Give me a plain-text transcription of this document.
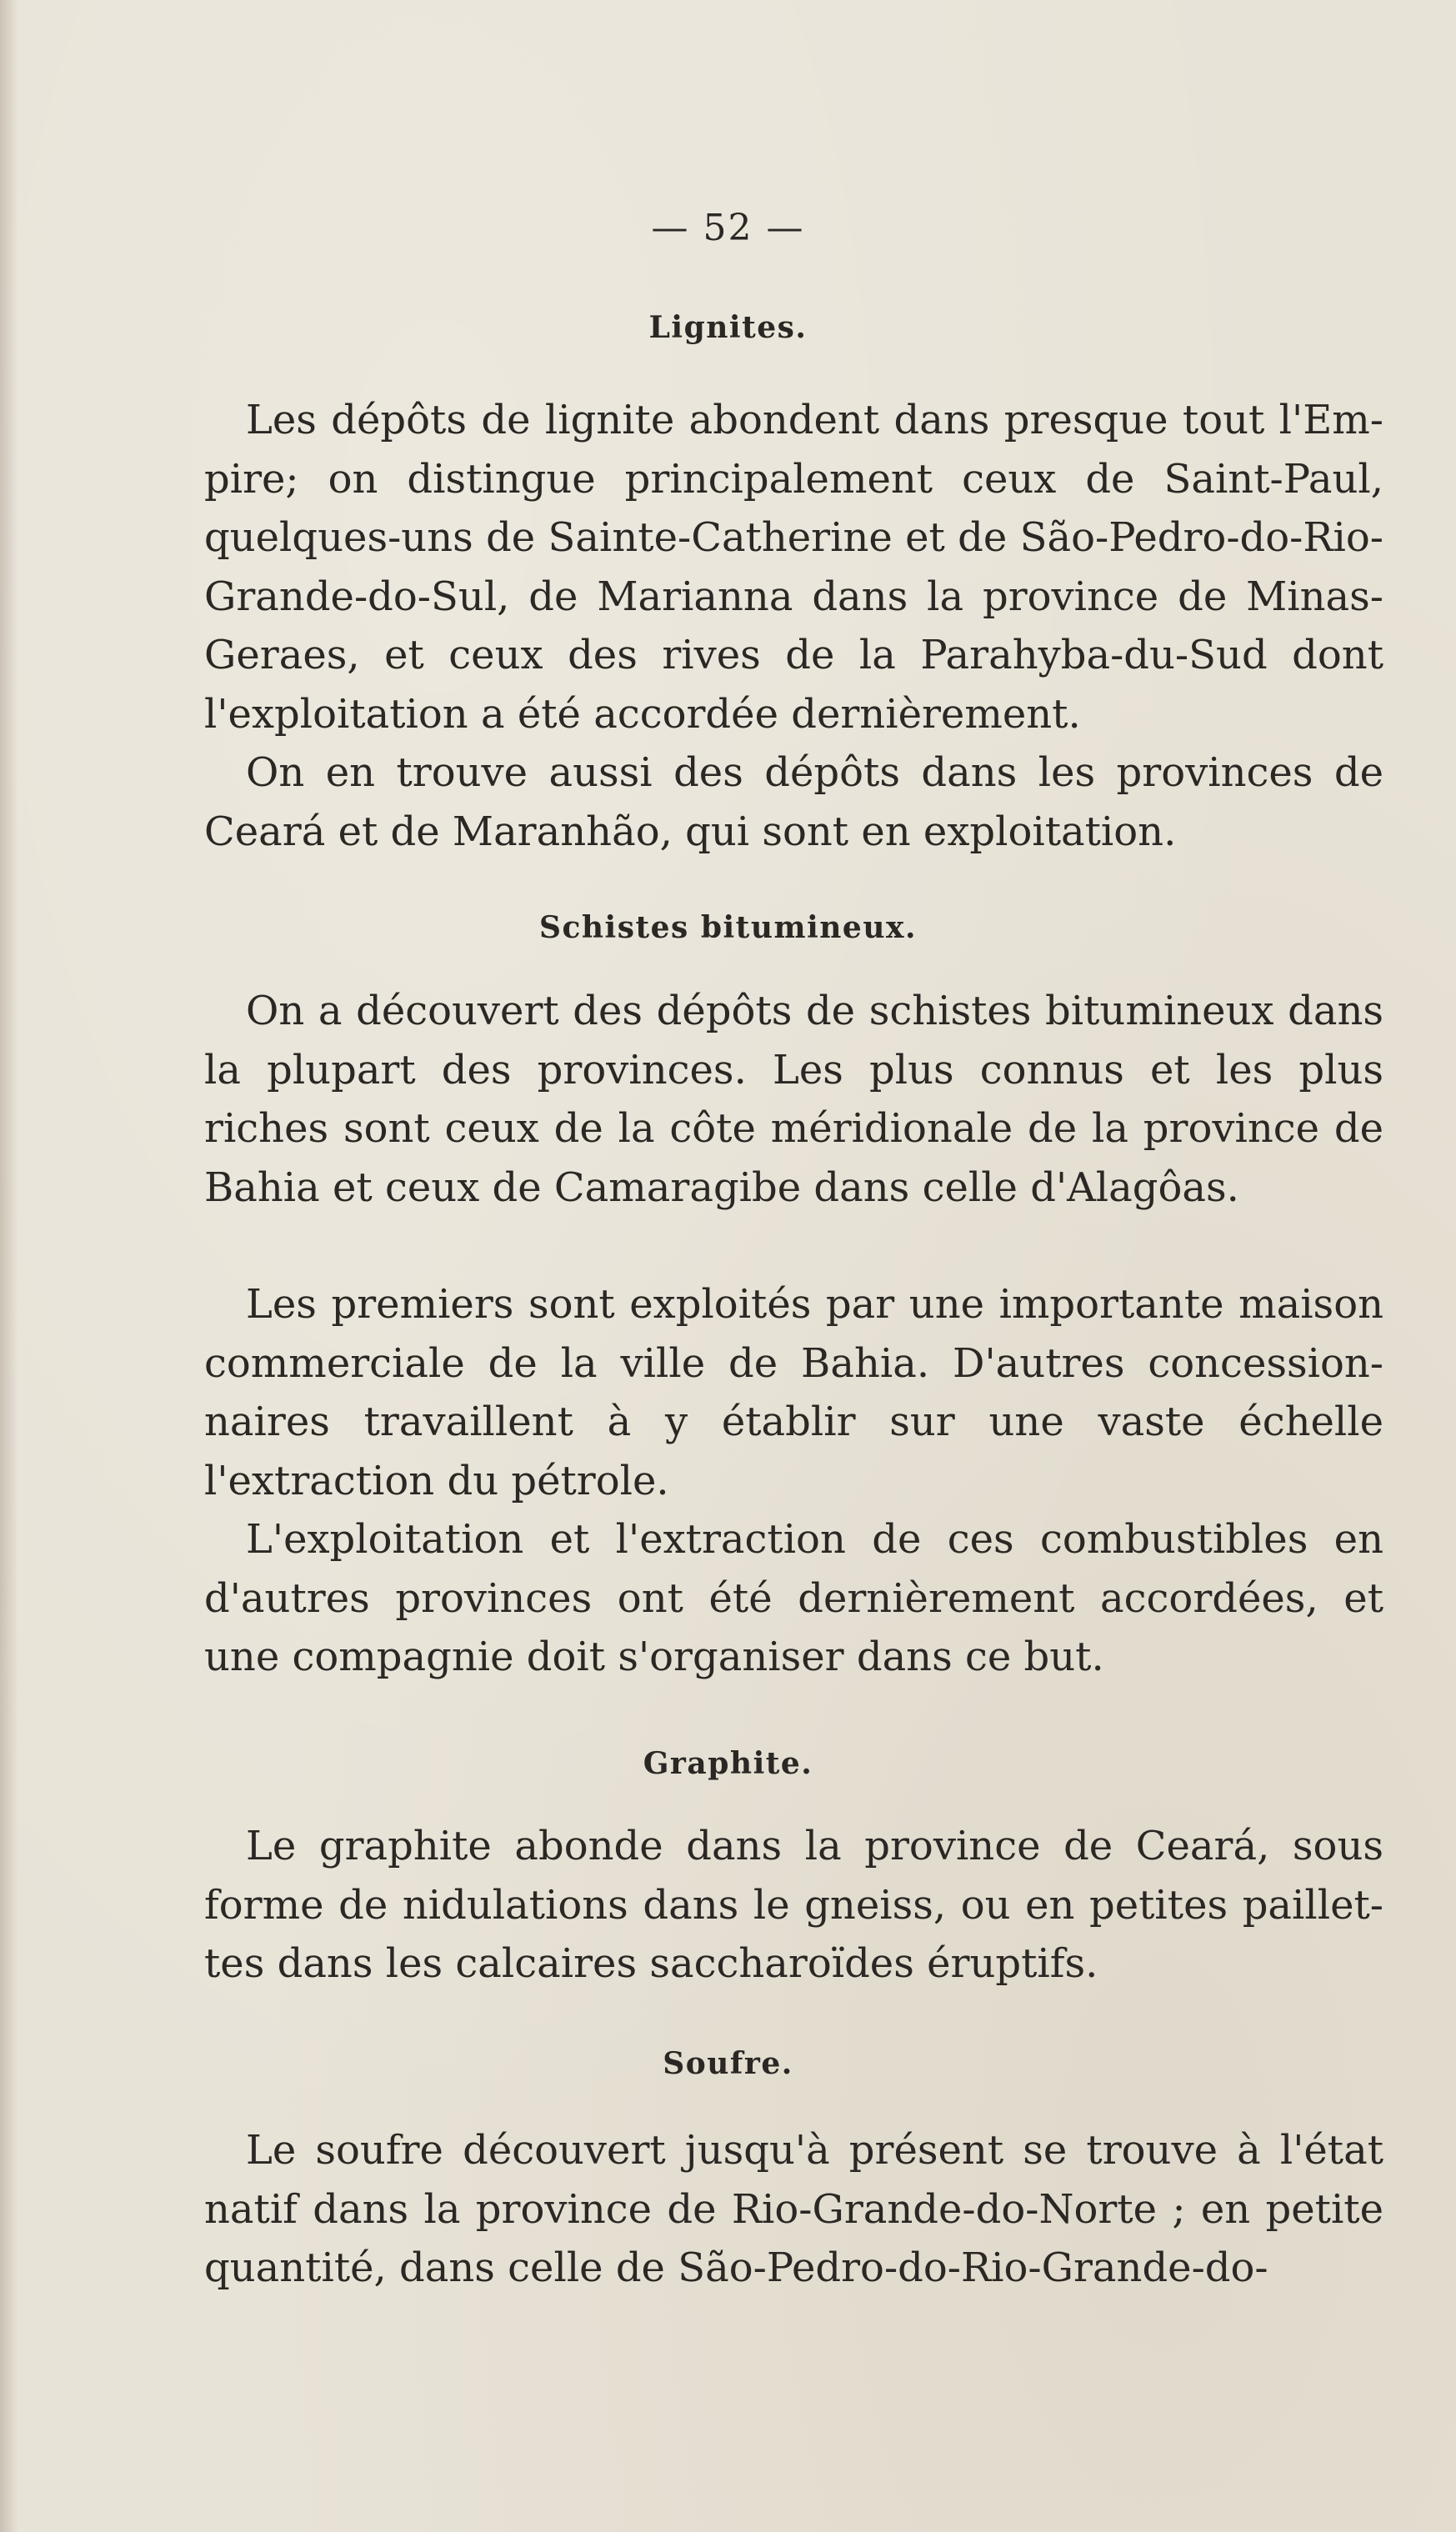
— 52 —
Lignites.

Les dépôts de lignite abondent dans presque tout l'Em-pire; on distingue principalement ceux de Saint-Paul, quelques-uns de Sainte-Catherine et de São-Pedro-do-Rio-Grande-do-Sul, de Marianna dans la province de Minas-Geraes, et ceux des rives de la Parahyba-du-Sud dont l'exploitation a été accordée dernièrement.

On en trouve aussi des dépôts dans les provinces de Ceará et de Maranhão, qui sont en exploitation.

Schistes bitumineux.

On a découvert des dépôts de schistes bitumineux dans la plupart des provinces. Les plus connus et les plus riches sont ceux de la côte méridionale de la province de Bahia et ceux de Camaragibe dans celle d'Alagôas.

Les premiers sont exploités par une importante maison commerciale de la ville de Bahia. D'autres concession-naires travaillent à y établir sur une vaste échelle l'extraction du pétrole.

L'exploitation et l'extraction de ces combustibles en d'autres provinces ont été dernièrement accordées, et une compagnie doit s'organiser dans ce but.

Graphite.

Le graphite abonde dans la province de Ceará, sous forme de nidulations dans le gneiss, ou en petites paillet-tes dans les calcaires saccharoïdes éruptifs.

Soufre.

Le soufre découvert jusqu'à présent se trouve à l'état natif dans la province de Rio-Grande-do-Norte ; en petite quantité, dans celle de São-Pedro-do-Rio-Grande-do-
